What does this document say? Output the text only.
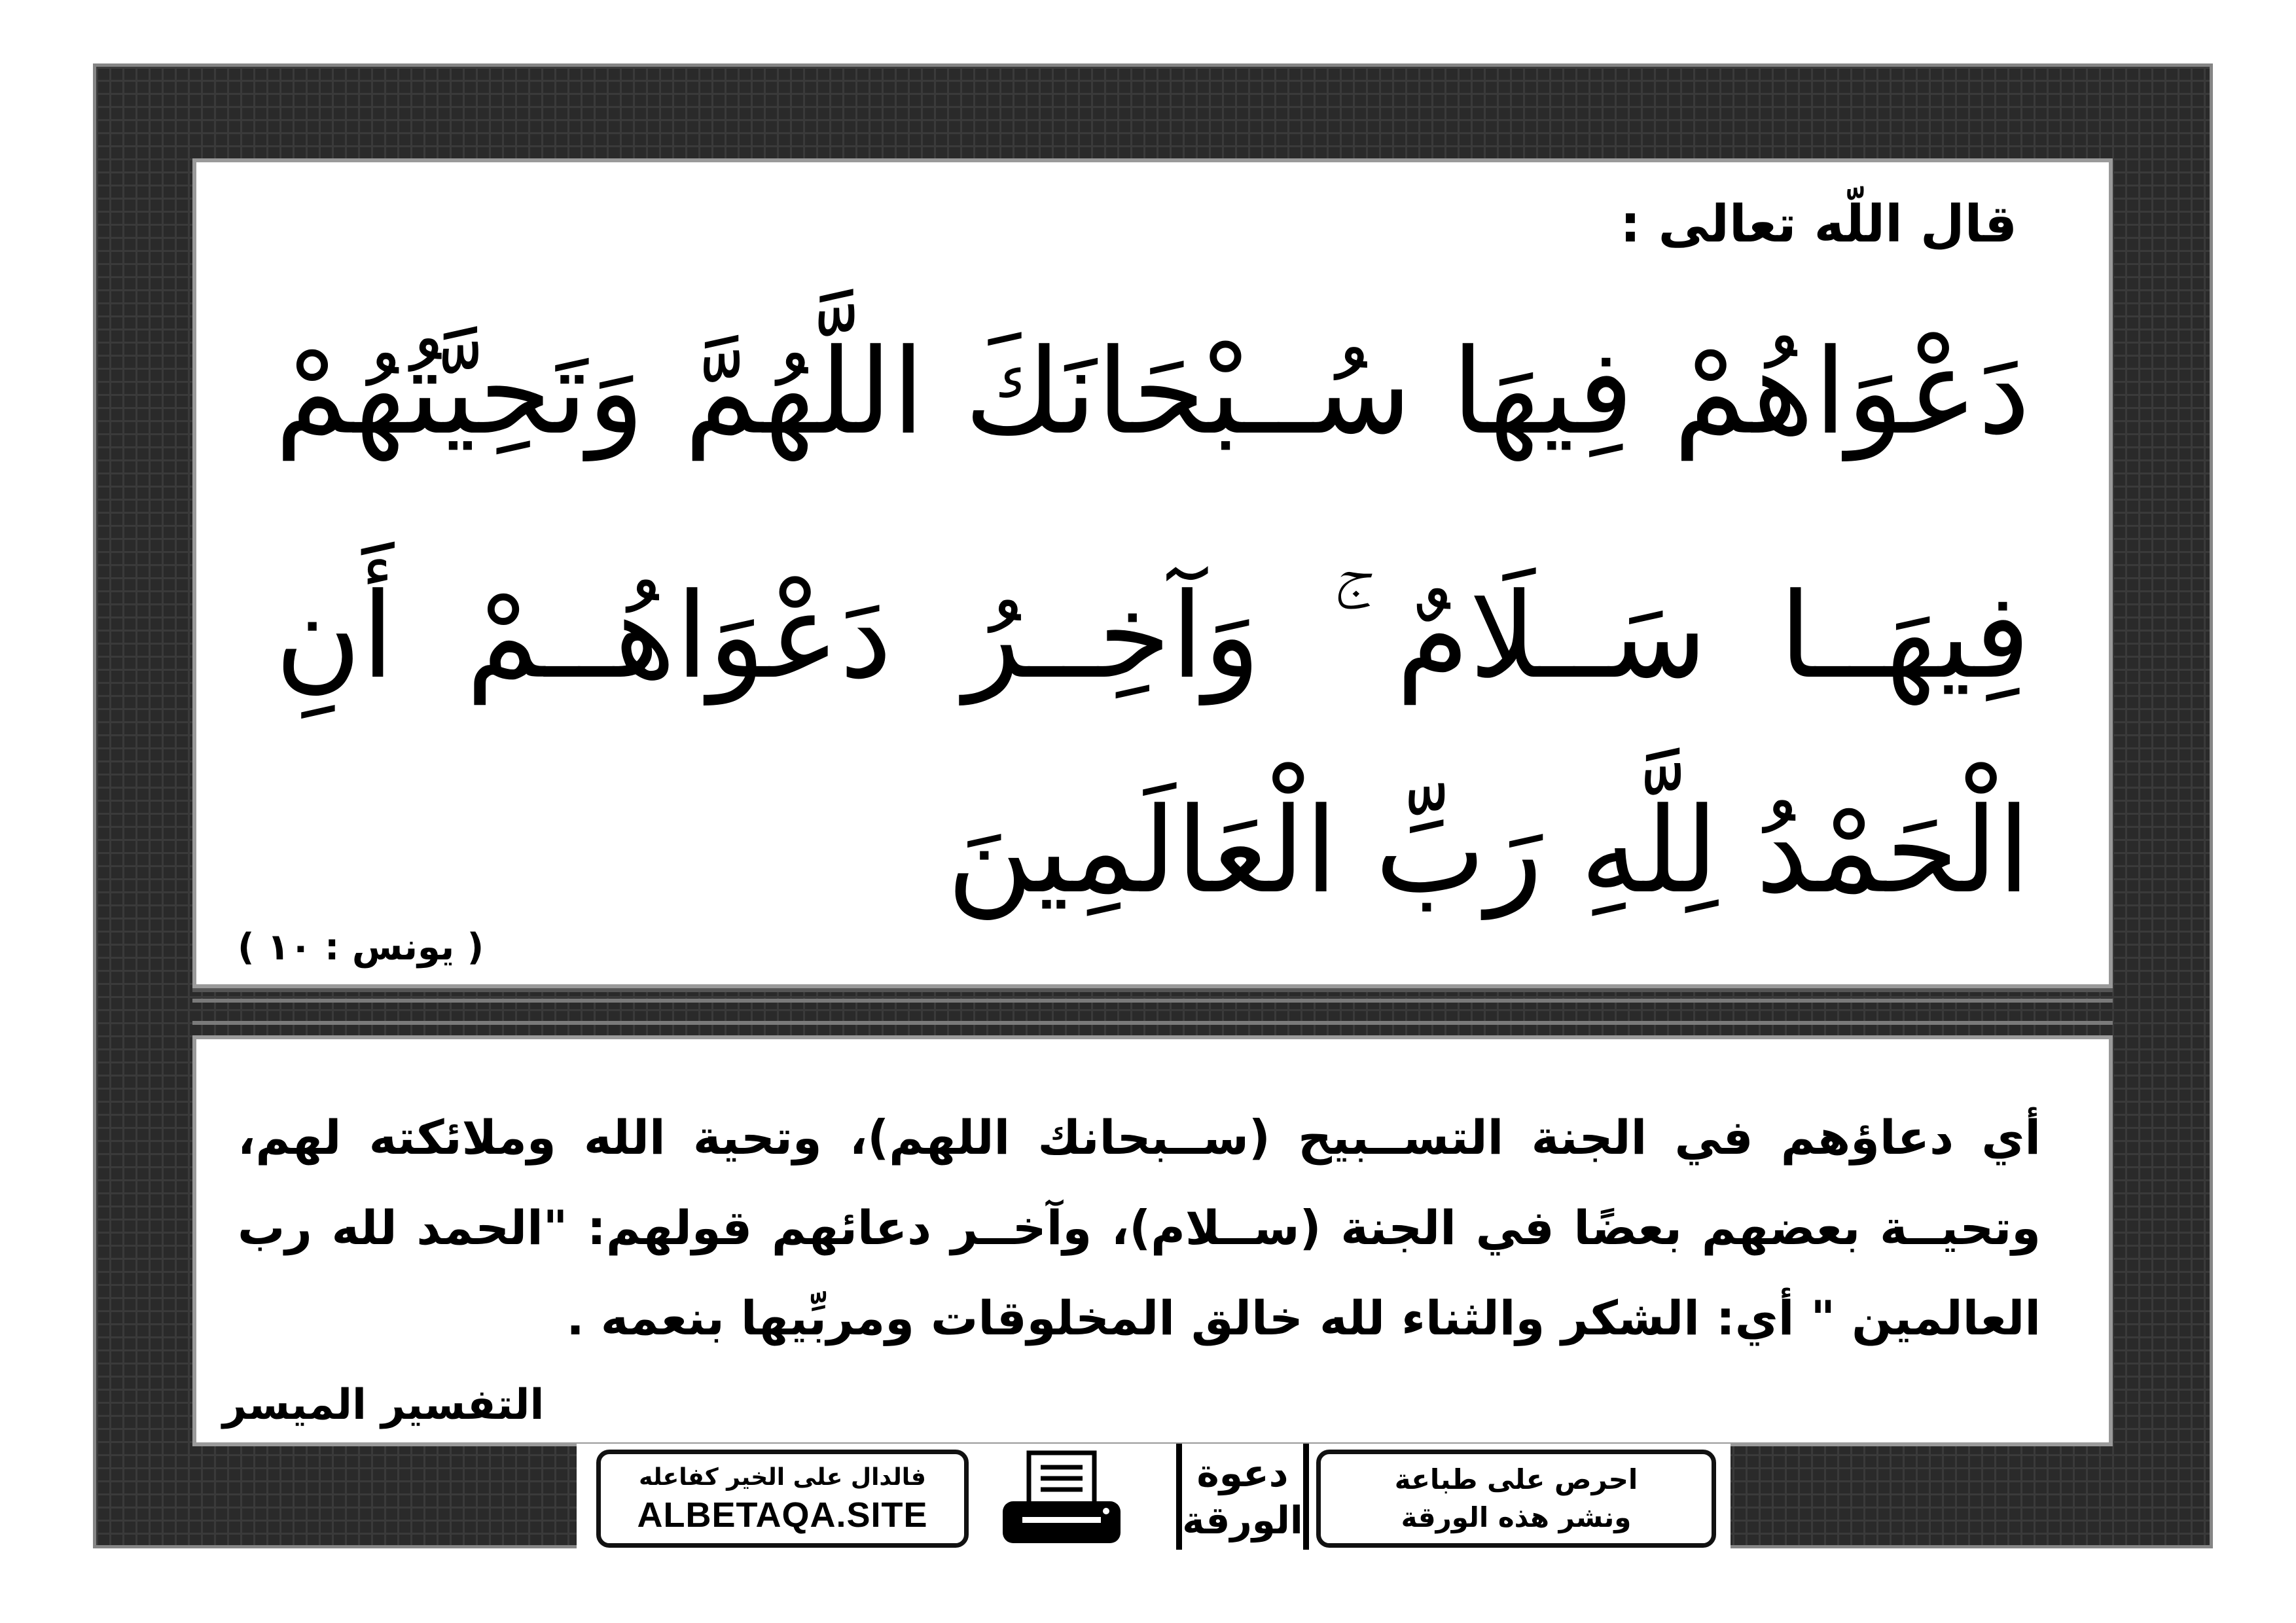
قال اللّه تعالى :
دَعْوَاهُمْ فِيهَا سُــبْحَانَكَ اللَّهُمَّ وَتَحِيَّتُهُمْ
فِيهَــا سَــلَامٌ ۚ وَآخِــرُ دَعْوَاهُــمْ أَنِ
الْحَمْدُ لِلَّهِ رَبِّ الْعَالَمِينَ
( يونس : ١٠ )
أي دعاؤهم في الجنة التســبيح (ســبحانك اللهم)، وتحية الله وملائكته لهم،
وتحيــة بعضهم بعضًا في الجنة (ســلام)، وآخــر دعائهم قولهم: "الحمد لله رب
العالمين " أي: الشكر والثناء لله خالق المخلوقات ومربِّيها بنعمه .
التفسير الميسر
فالدال على الخير كفاعله
ALBETAQA.SITE
دعوة
الورقة
احرص على طباعة
ونشر هذه الورقة
